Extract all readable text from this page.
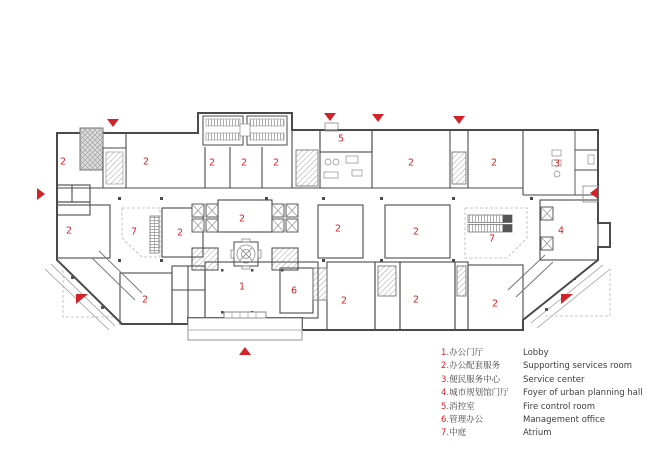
2	2	2	2	2
5
2	2	3
2	7	2
2
2	2
7
4
2
1	6
2	2	2
1. 办公门厅	Lobby
2. 办公配套服务	Supporting services room
3. 便民服务中心	Service center
4. 城市规划馆门厅 Foyer of urban planning hall
5. 消控室	Fire control room
6. 管理办公	Management office
7. 中庭	Atrium
